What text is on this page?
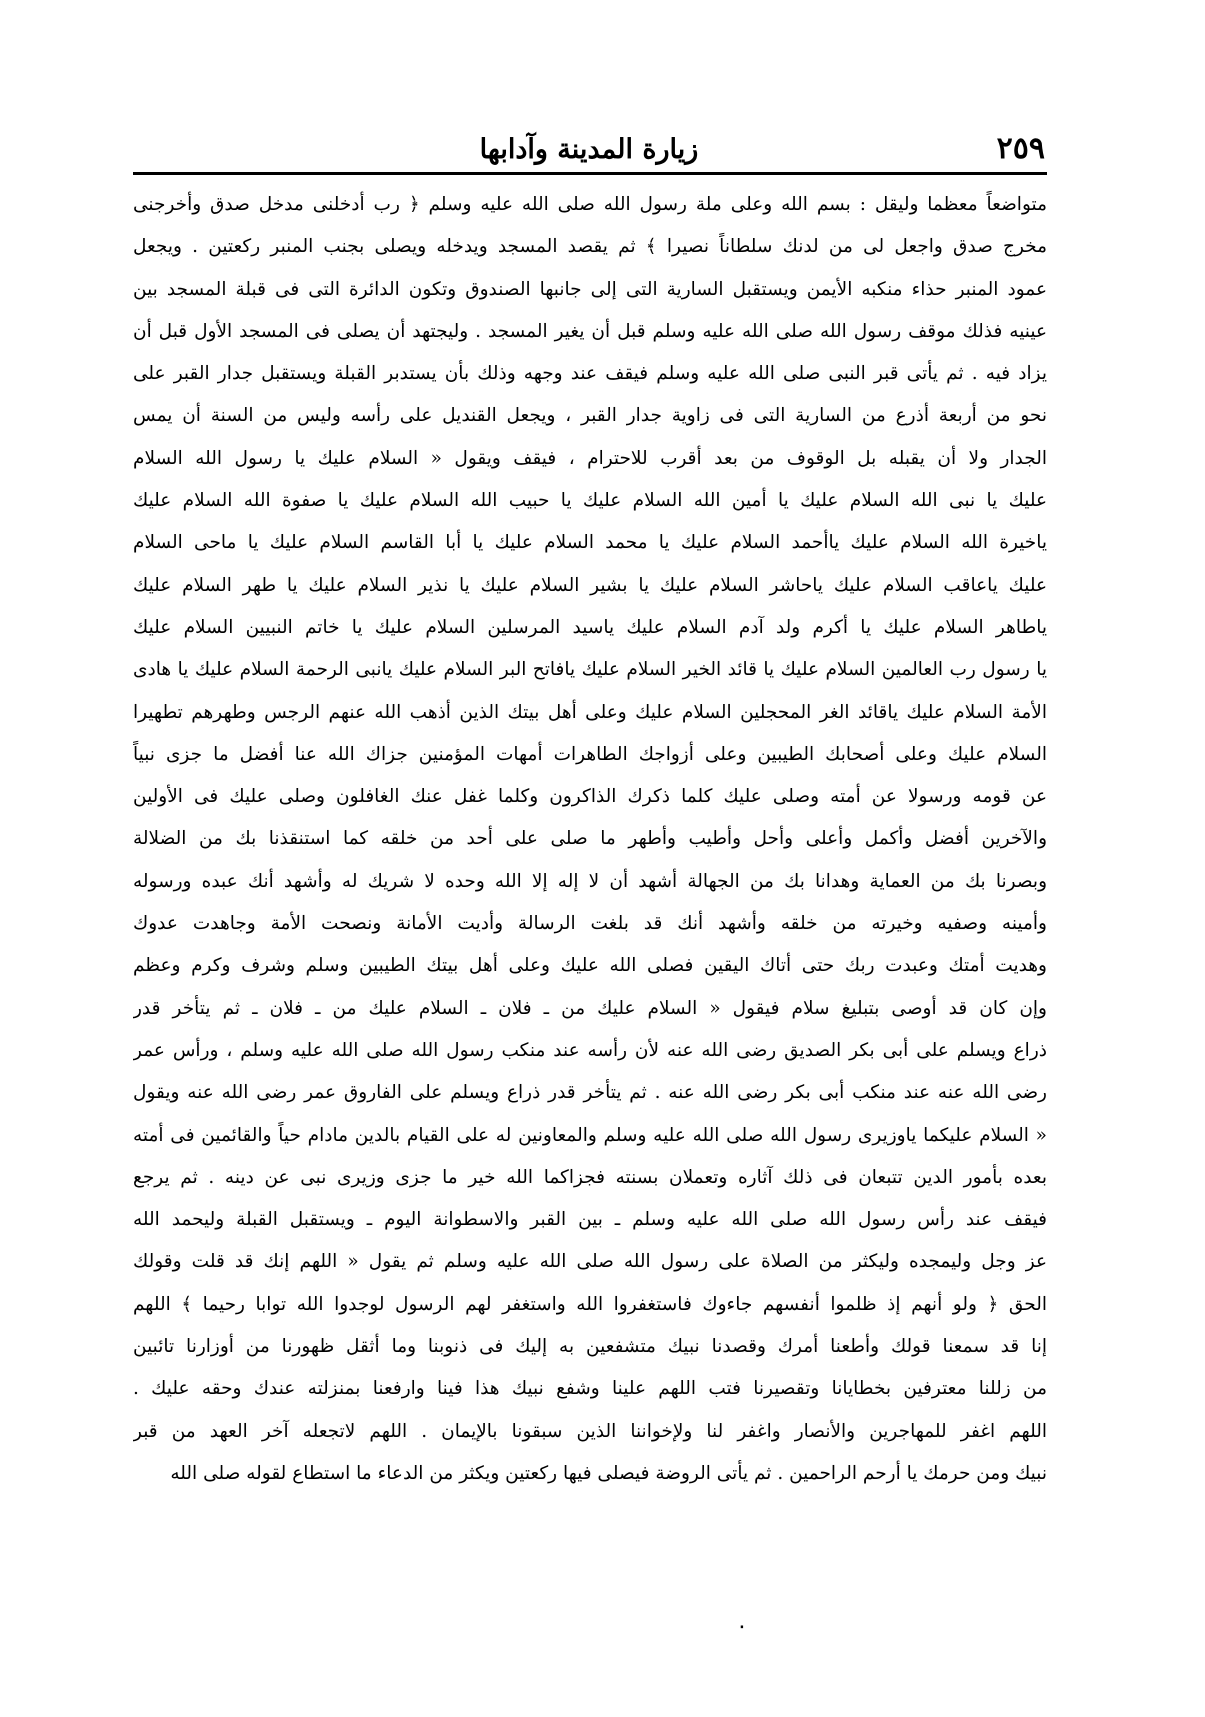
٢٥٩
زيارة المدينة وآدابها
متواضعاً معظما وليقل : بسم الله وعلى ملة رسول الله صلى الله عليه وسلم ﴿ رب أدخلنى مدخل صدق وأخرجنى
مخرج صدق واجعل لى من لدنك سلطاناً نصيرا ﴾ ثم يقصد المسجد ويدخله ويصلى بجنب المنبر ركعتين . ويجعل
عمود المنبر حذاء منكبه الأيمن ويستقبل السارية التى إلى جانبها الصندوق وتكون الدائرة التى فى قبلة المسجد بين
عينيه فذلك موقف رسول الله صلى الله عليه وسلم قبل أن يغير المسجد . وليجتهد أن يصلى فى المسجد الأول قبل أن
يزاد فيه . ثم يأتى قبر النبى صلى الله عليه وسلم فيقف عند وجهه وذلك بأن يستدبر القبلة ويستقبل جدار القبر على
نحو من أربعة أذرع من السارية التى فى زاوية جدار القبر ، ويجعل القنديل على رأسه وليس من السنة أن يمس
الجدار ولا أن يقبله بل الوقوف من بعد أقرب للاحترام ، فيقف ويقول « السلام عليك يا رسول الله السلام
عليك يا نبى الله السلام عليك يا أمين الله السلام عليك يا حبيب الله السلام عليك يا صفوة الله السلام عليك
ياخيرة الله السلام عليك ياأحمد السلام عليك يا محمد السلام عليك يا أبا القاسم السلام عليك يا ماحى السلام
عليك ياعاقب السلام عليك ياحاشر السلام عليك يا بشير السلام عليك يا نذير السلام عليك يا طهر السلام عليك
ياطاهر السلام عليك يا أكرم ولد آدم السلام عليك ياسيد المرسلين السلام عليك يا خاتم النبيين السلام عليك
يا رسول رب العالمين السلام عليك يا قائد الخير السلام عليك يافاتح البر السلام عليك يانبى الرحمة السلام عليك يا هادى
الأمة السلام عليك ياقائد الغر المحجلين السلام عليك وعلى أهل بيتك الذين أذهب الله عنهم الرجس وطهرهم تطهيرا
السلام عليك وعلى أصحابك الطيبين وعلى أزواجك الطاهرات أمهات المؤمنين جزاك الله عنا أفضل ما جزى نبياً
عن قومه ورسولا عن أمته وصلى عليك كلما ذكرك الذاكرون وكلما غفل عنك الغافلون وصلى عليك فى الأولين
والآخرين أفضل وأكمل وأعلى وأحل وأطيب وأطهر ما صلى على أحد من خلقه كما استنقذنا بك من الضلالة
وبصرنا بك من العماية وهدانا بك من الجهالة أشهد أن لا إله إلا الله وحده لا شريك له وأشهد أنك عبده ورسوله
وأمينه وصفيه وخيرته من خلقه وأشهد أنك قد بلغت الرسالة وأديت الأمانة ونصحت الأمة وجاهدت عدوك
وهديت أمتك وعبدت ربك حتى أتاك اليقين فصلى الله عليك وعلى أهل بيتك الطيبين وسلم وشرف وكرم وعظم
وإن كان قد أوصى بتبليغ سلام فيقول « السلام عليك من ـ فلان ـ السلام عليك من ـ فلان ـ ثم يتأخر قدر
ذراع ويسلم على أبى بكر الصديق رضى الله عنه لأن رأسه عند منكب رسول الله صلى الله عليه وسلم ، ورأس عمر
رضى الله عنه عند منكب أبى بكر رضى الله عنه . ثم يتأخر قدر ذراع ويسلم على الفاروق عمر رضى الله عنه ويقول
« السلام عليكما ياوزيرى رسول الله صلى الله عليه وسلم والمعاونين له على القيام بالدين مادام حياً والقائمين فى أمته
بعده بأمور الدين تتبعان فى ذلك آثاره وتعملان بسنته فجزاكما الله خير ما جزى وزيرى نبى عن دينه . ثم يرجع
فيقف عند رأس رسول الله صلى الله عليه وسلم ـ بين القبر والاسطوانة اليوم ـ ويستقبل القبلة وليحمد الله
عز وجل وليمجده وليكثر من الصلاة على رسول الله صلى الله عليه وسلم ثم يقول « اللهم إنك قد قلت وقولك
الحق ﴿ ولو أنهم إذ ظلموا أنفسهم جاءوك فاستغفروا الله واستغفر لهم الرسول لوجدوا الله توابا رحيما ﴾ اللهم
إنا قد سمعنا قولك وأطعنا أمرك وقصدنا نبيك متشفعين به إليك فى ذنوبنا وما أثقل ظهورنا من أوزارنا تائبين
من زللنا معترفين بخطايانا وتقصيرنا فتب اللهم علينا وشفع نبيك هذا فينا وارفعنا بمنزلته عندك وحقه عليك .
اللهم اغفر للمهاجرين والأنصار واغفر لنا ولإخواننا الذين سبقونا بالإيمان . اللهم لاتجعله آخر العهد من قبر
نبيك ومن حرمك يا أرحم الراحمين . ثم يأتى الروضة فيصلى فيها ركعتين ويكثر من الدعاء ما استطاع لقوله صلى الله
٠
